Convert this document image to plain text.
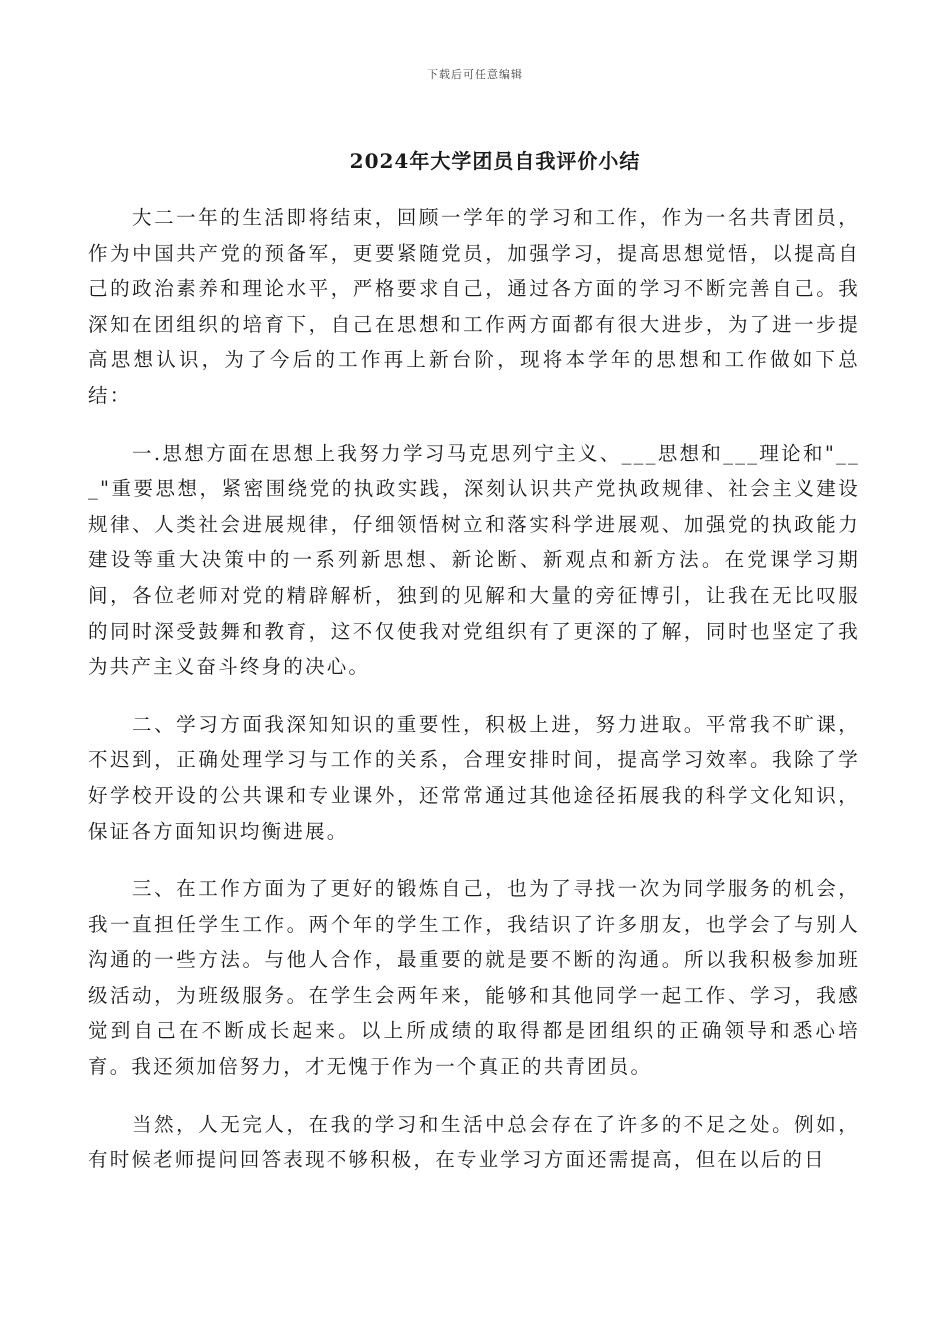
下载后可任意编辑
2024年大学团员自我评价小结

大二一年的生活即将结束，回顾一学年的学习和工作，作为一名共青团员，作为中国共产党的预备军，更要紧随党员，加强学习，提高思想觉悟，以提高自己的政治素养和理论水平，严格要求自己，通过各方面的学习不断完善自己。我深知在团组织的培育下，自己在思想和工作两方面都有很大进步，为了进一步提高思想认识，为了今后的工作再上新台阶，现将本学年的思想和工作做如下总结：

一.思想方面在思想上我努力学习马克思列宁主义、___思想和___理论和"___"重要思想，紧密围绕党的执政实践，深刻认识共产党执政规律、社会主义建设规律、人类社会进展规律，仔细领悟树立和落实科学进展观、加强党的执政能力建设等重大决策中的一系列新思想、新论断、新观点和新方法。在党课学习期间，各位老师对党的精辟解析，独到的见解和大量的旁征博引，让我在无比叹服的同时深受鼓舞和教育，这不仅使我对党组织有了更深的了解，同时也坚定了我为共产主义奋斗终身的决心。

二、学习方面我深知知识的重要性，积极上进，努力进取。平常我不旷课，不迟到，正确处理学习与工作的关系，合理安排时间，提高学习效率。我除了学好学校开设的公共课和专业课外，还常常通过其他途径拓展我的科学文化知识，保证各方面知识均衡进展。

三、在工作方面为了更好的锻炼自己，也为了寻找一次为同学服务的机会，我一直担任学生工作。两个年的学生工作，我结识了许多朋友，也学会了与别人沟通的一些方法。与他人合作，最重要的就是要不断的沟通。所以我积极参加班级活动，为班级服务。在学生会两年来，能够和其他同学一起工作、学习，我感觉到自己在不断成长起来。以上所成绩的取得都是团组织的正确领导和悉心培育。我还须加倍努力，才无愧于作为一个真正的共青团员。

当然，人无完人，在我的学习和生活中总会存在了许多的不足之处。例如，有时候老师提问回答表现不够积极，在专业学习方面还需提高，但在以后的日
